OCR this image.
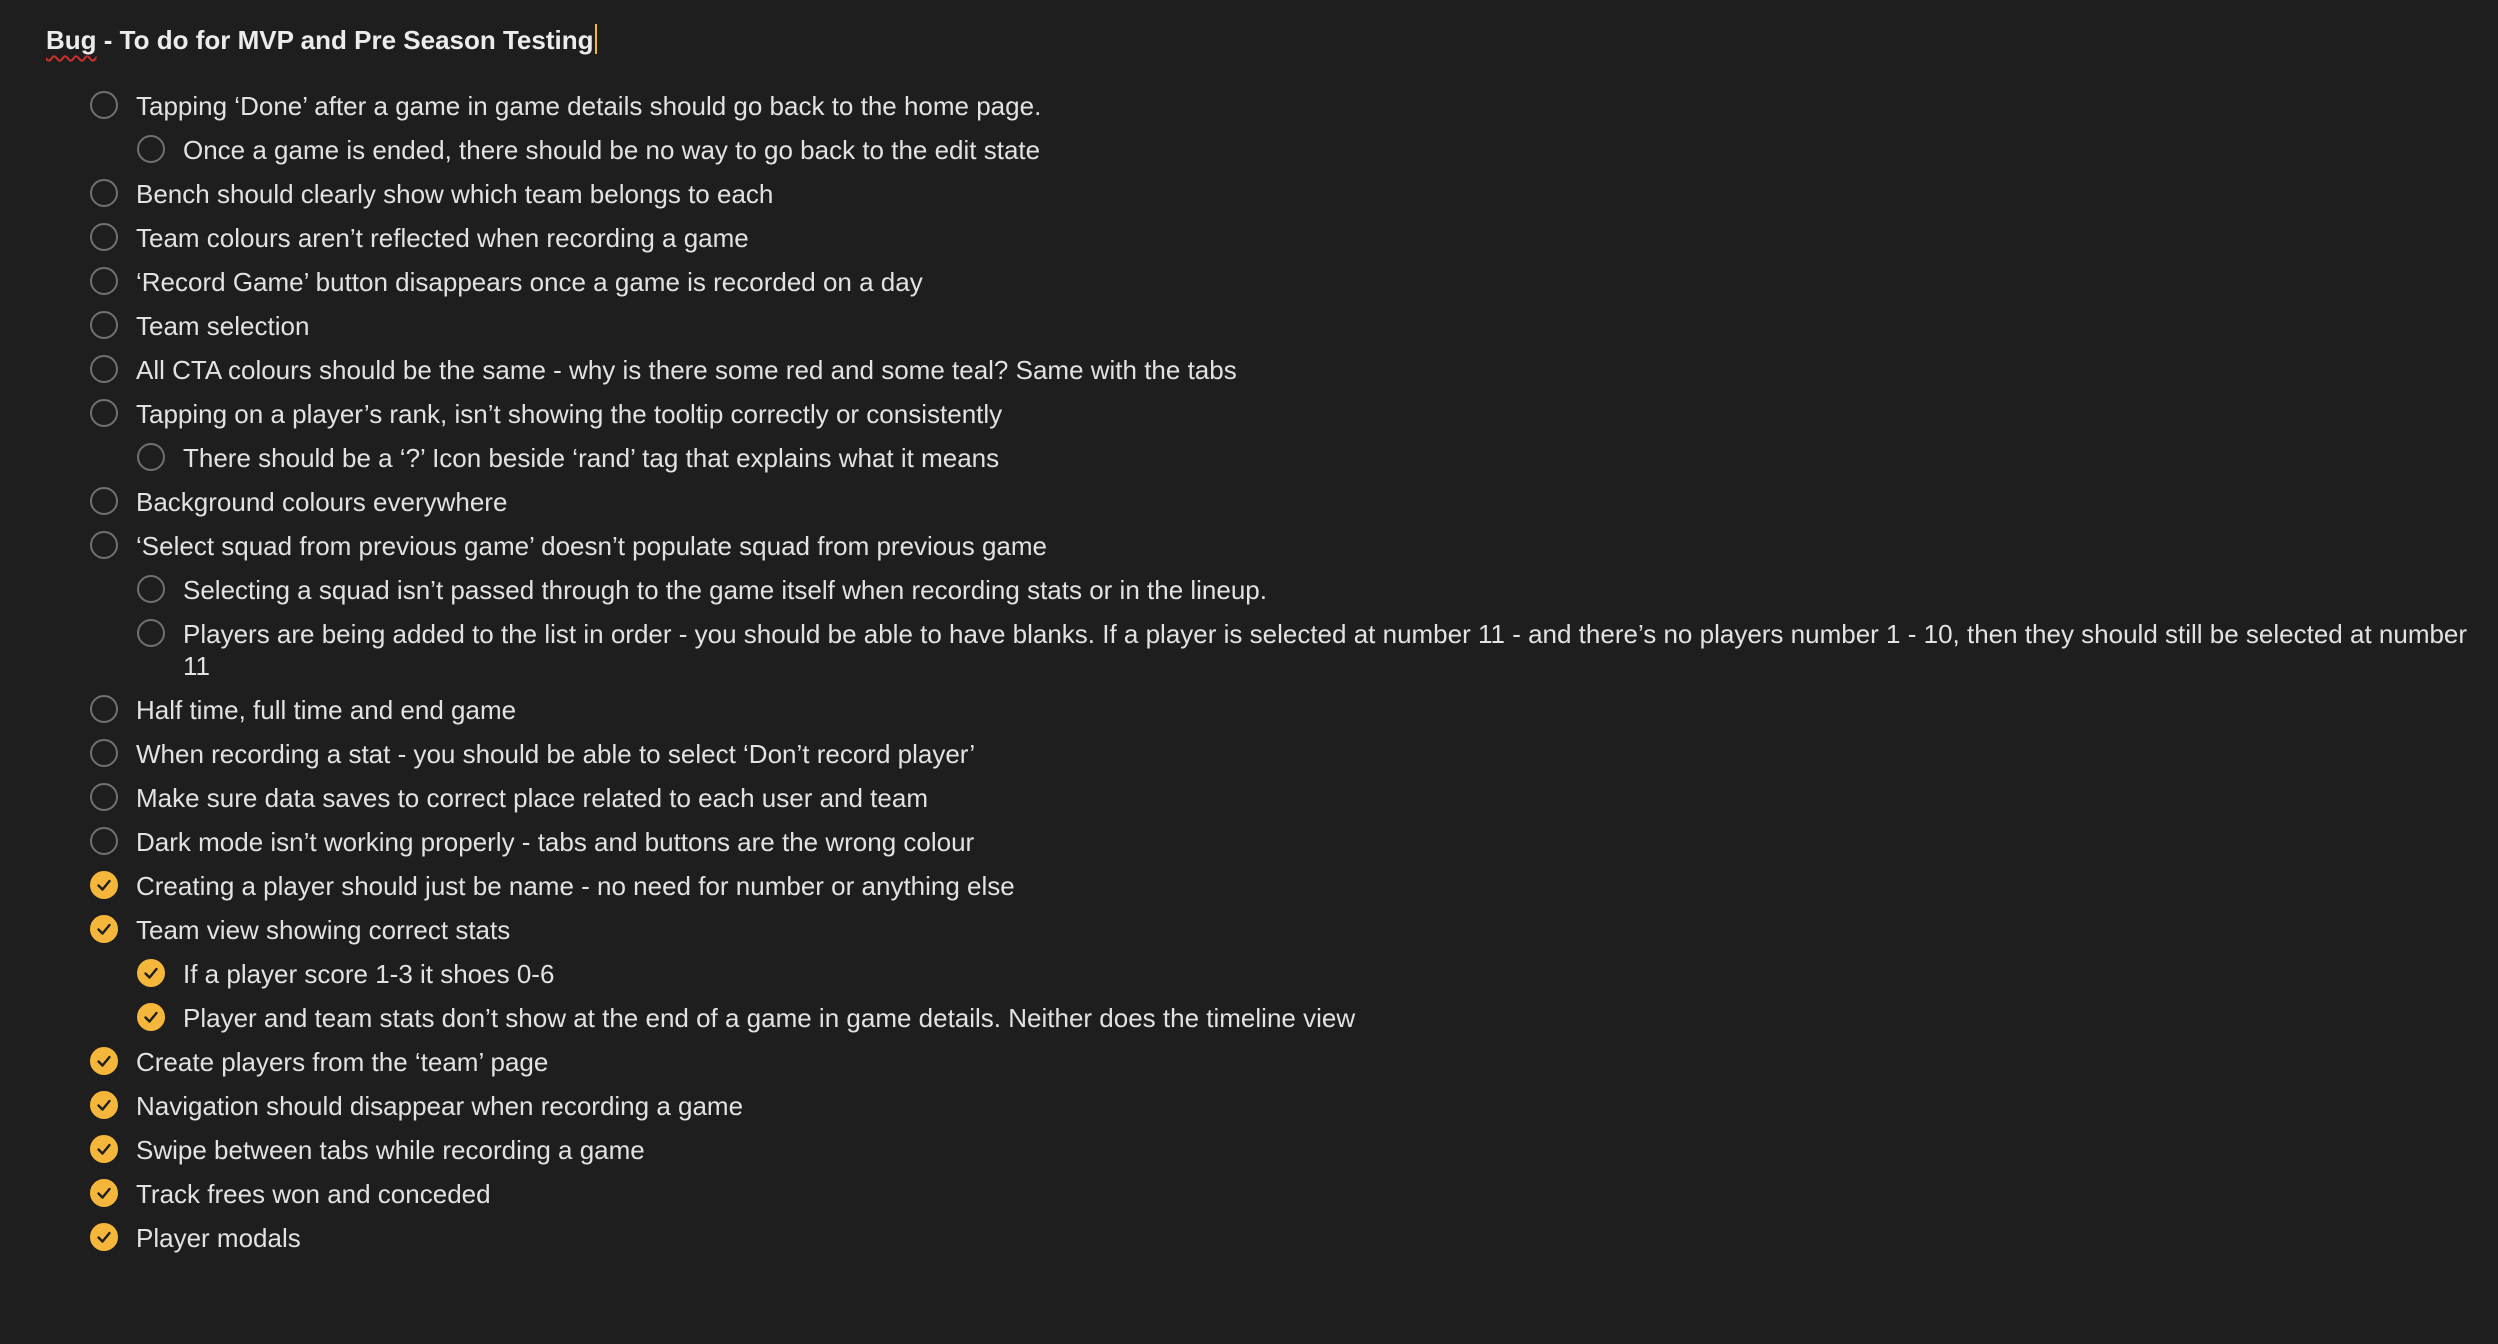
Bug - To do for MVP and Pre Season Testing
Tapping ‘Done’ after a game in game details should go back to the home page.
Once a game is ended, there should be no way to go back to the edit state
Bench should clearly show which team belongs to each
Team colours aren’t reflected when recording a game
‘Record Game’ button disappears once a game is recorded on a day
Team selection
All CTA colours should be the same - why is there some red and some teal? Same with the tabs
Tapping on a player’s rank, isn’t showing the tooltip correctly or consistently
There should be a ‘?’ Icon beside ‘rand’ tag that explains what it means
Background colours everywhere
‘Select squad from previous game’ doesn’t populate squad from previous game
Selecting a squad isn’t passed through to the game itself when recording stats or in the lineup.
Players are being added to the list in order - you should be able to have blanks. If a player is selected at number 11 - and there’s no players number 1 - 10, then they should still be selected at number 11
Half time, full time and end game
When recording a stat - you should be able to select ‘Don’t record player’
Make sure data saves to correct place related to each user and team
Dark mode isn’t working properly - tabs and buttons are the wrong colour
Creating a player should just be name - no need for number or anything else
Team view showing correct stats
If a player score 1-3 it shoes 0-6
Player and team stats don’t show at the end of a game in game details. Neither does the timeline view
Create players from the ‘team’ page
Navigation should disappear when recording a game
Swipe between tabs while recording a game
Track frees won and conceded
Player modals
